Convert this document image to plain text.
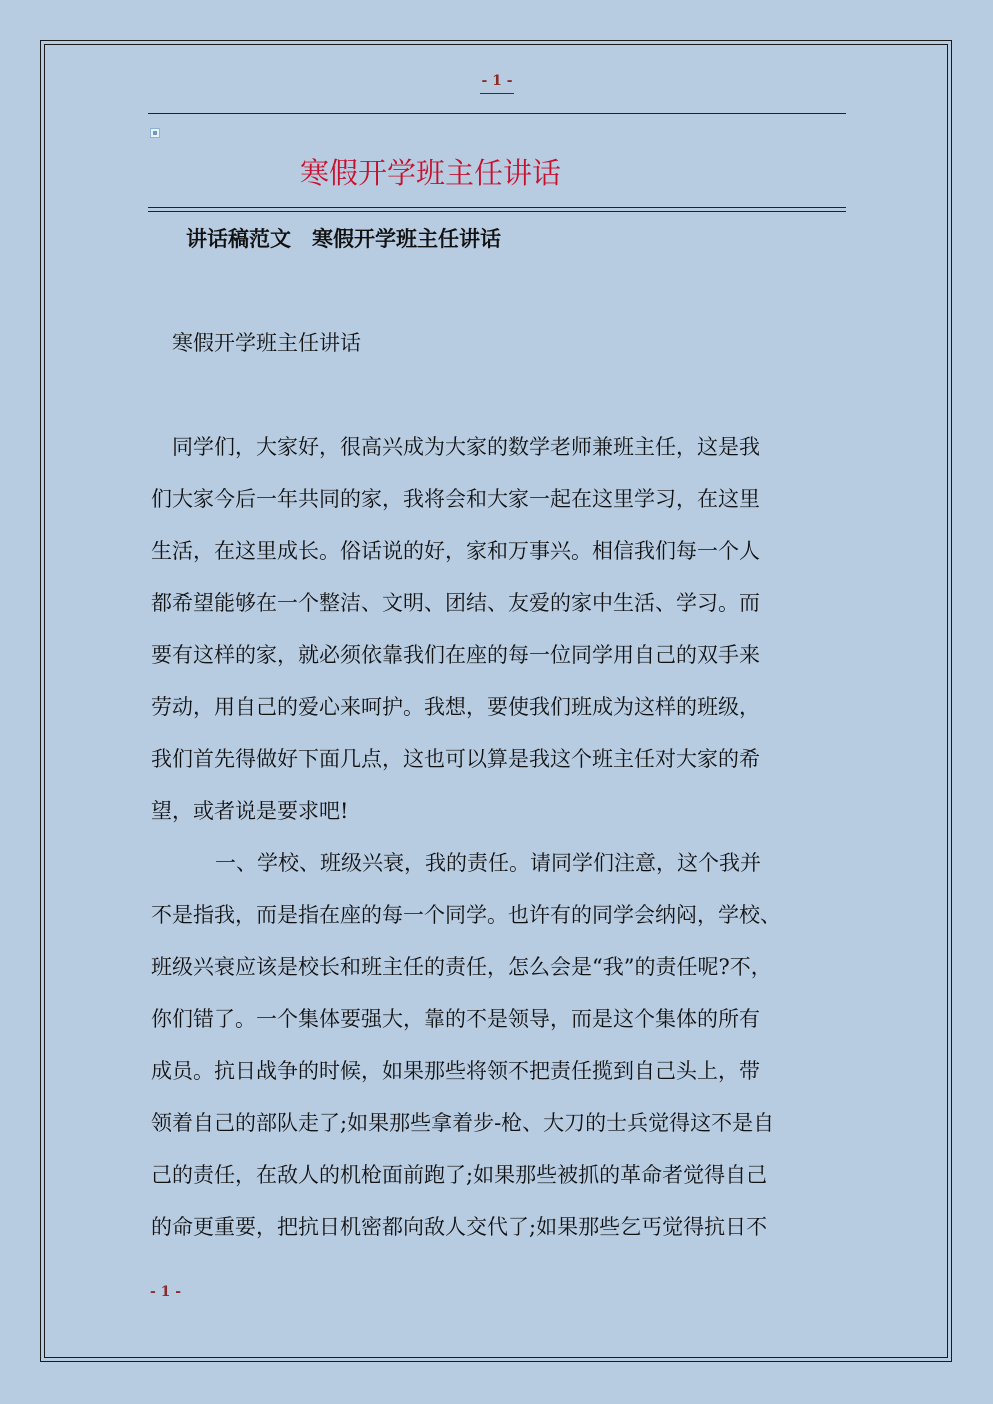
- 1 -
寒假开学班主任讲话
讲话稿范文　寒假开学班主任讲话
寒假开学班主任讲话
同学们，大家好，很高兴成为大家的数学老师兼班主任，这是我
们大家今后一年共同的家，我将会和大家一起在这里学习，在这里
生活，在这里成长。俗话说的好，家和万事兴。相信我们每一个人
都希望能够在一个整洁、文明、团结、友爱的家中生活、学习。而
要有这样的家，就必须依靠我们在座的每一位同学用自己的双手来
劳动，用自己的爱心来呵护。我想，要使我们班成为这样的班级，
我们首先得做好下面几点，这也可以算是我这个班主任对大家的希
望，或者说是要求吧!
一、学校、班级兴衰，我的责任。请同学们注意，这个我并
不是指我，而是指在座的每一个同学。也许有的同学会纳闷，学校、
班级兴衰应该是校长和班主任的责任，怎么会是“我”的责任呢?不，
你们错了。一个集体要强大，靠的不是领导，而是这个集体的所有
成员。抗日战争的时候，如果那些将领不把责任揽到自己头上，带
领着自己的部队走了;如果那些拿着步-枪、大刀的士兵觉得这不是自
己的责任，在敌人的机枪面前跑了;如果那些被抓的革命者觉得自己
的命更重要，把抗日机密都向敌人交代了;如果那些乞丐觉得抗日不
- 1 -
